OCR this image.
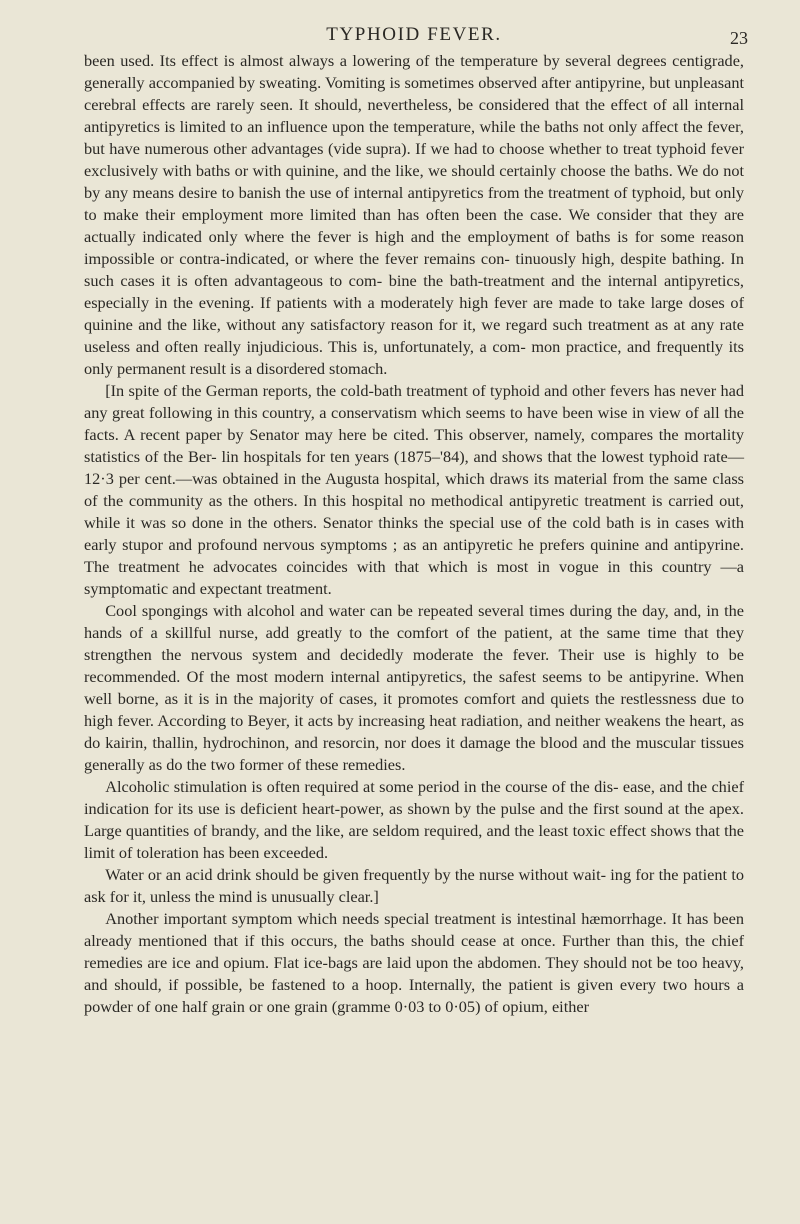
TYPHOID FEVER.	23

been used. Its effect is almost always a lowering of the temperature by several degrees centigrade, generally accompanied by sweating. Vomiting is sometimes observed after antipyrine, but unpleasant cerebral effects are rarely seen. It should, nevertheless, be considered that the effect of all internal antipyretics is limited to an influence upon the temperature, while the baths not only affect the fever, but have numerous other advantages (vide supra). If we had to choose whether to treat typhoid fever exclusively with baths or with quinine, and the like, we should certainly choose the baths. We do not by any means desire to banish the use of internal antipyretics from the treatment of typhoid, but only to make their employment more limited than has often been the case. We consider that they are actually indicated only where the fever is high and the employment of baths is for some reason impossible or contra-indicated, or where the fever remains con- tinuously high, despite bathing. In such cases it is often advantageous to com- bine the bath-treatment and the internal antipyretics, especially in the evening. If patients with a moderately high fever are made to take large doses of quinine and the like, without any satisfactory reason for it, we regard such treatment as at any rate useless and often really injudicious. This is, unfortunately, a com- mon practice, and frequently its only permanent result is a disordered stomach.

[In spite of the German reports, the cold-bath treatment of typhoid and other fevers has never had any great following in this country, a conservatism which seems to have been wise in view of all the facts. A recent paper by Senator may here be cited. This observer, namely, compares the mortality statistics of the Ber- lin hospitals for ten years (1875–'84), and shows that the lowest typhoid rate—12·3 per cent.—was obtained in the Augusta hospital, which draws its material from the same class of the community as the others. In this hospital no methodical antipyretic treatment is carried out, while it was so done in the others. Senator thinks the special use of the cold bath is in cases with early stupor and profound nervous symptoms ; as an antipyretic he prefers quinine and antipyrine. The treatment he advocates coincides with that which is most in vogue in this country —a symptomatic and expectant treatment.

Cool spongings with alcohol and water can be repeated several times during the day, and, in the hands of a skillful nurse, add greatly to the comfort of the patient, at the same time that they strengthen the nervous system and decidedly moderate the fever. Their use is highly to be recommended. Of the most modern internal antipyretics, the safest seems to be antipyrine. When well borne, as it is in the majority of cases, it promotes comfort and quiets the restlessness due to high fever. According to Beyer, it acts by increasing heat radiation, and neither weakens the heart, as do kairin, thallin, hydrochinon, and resorcin, nor does it damage the blood and the muscular tissues generally as do the two former of these remedies.

Alcoholic stimulation is often required at some period in the course of the dis- ease, and the chief indication for its use is deficient heart-power, as shown by the pulse and the first sound at the apex. Large quantities of brandy, and the like, are seldom required, and the least toxic effect shows that the limit of toleration has been exceeded.

Water or an acid drink should be given frequently by the nurse without wait- ing for the patient to ask for it, unless the mind is unusually clear.]

Another important symptom which needs special treatment is intestinal hæmorrhage. It has been already mentioned that if this occurs, the baths should cease at once. Further than this, the chief remedies are ice and opium. Flat ice-bags are laid upon the abdomen. They should not be too heavy, and should, if possible, be fastened to a hoop. Internally, the patient is given every two hours a powder of one half grain or one grain (gramme 0·03 to 0·05) of opium, either
